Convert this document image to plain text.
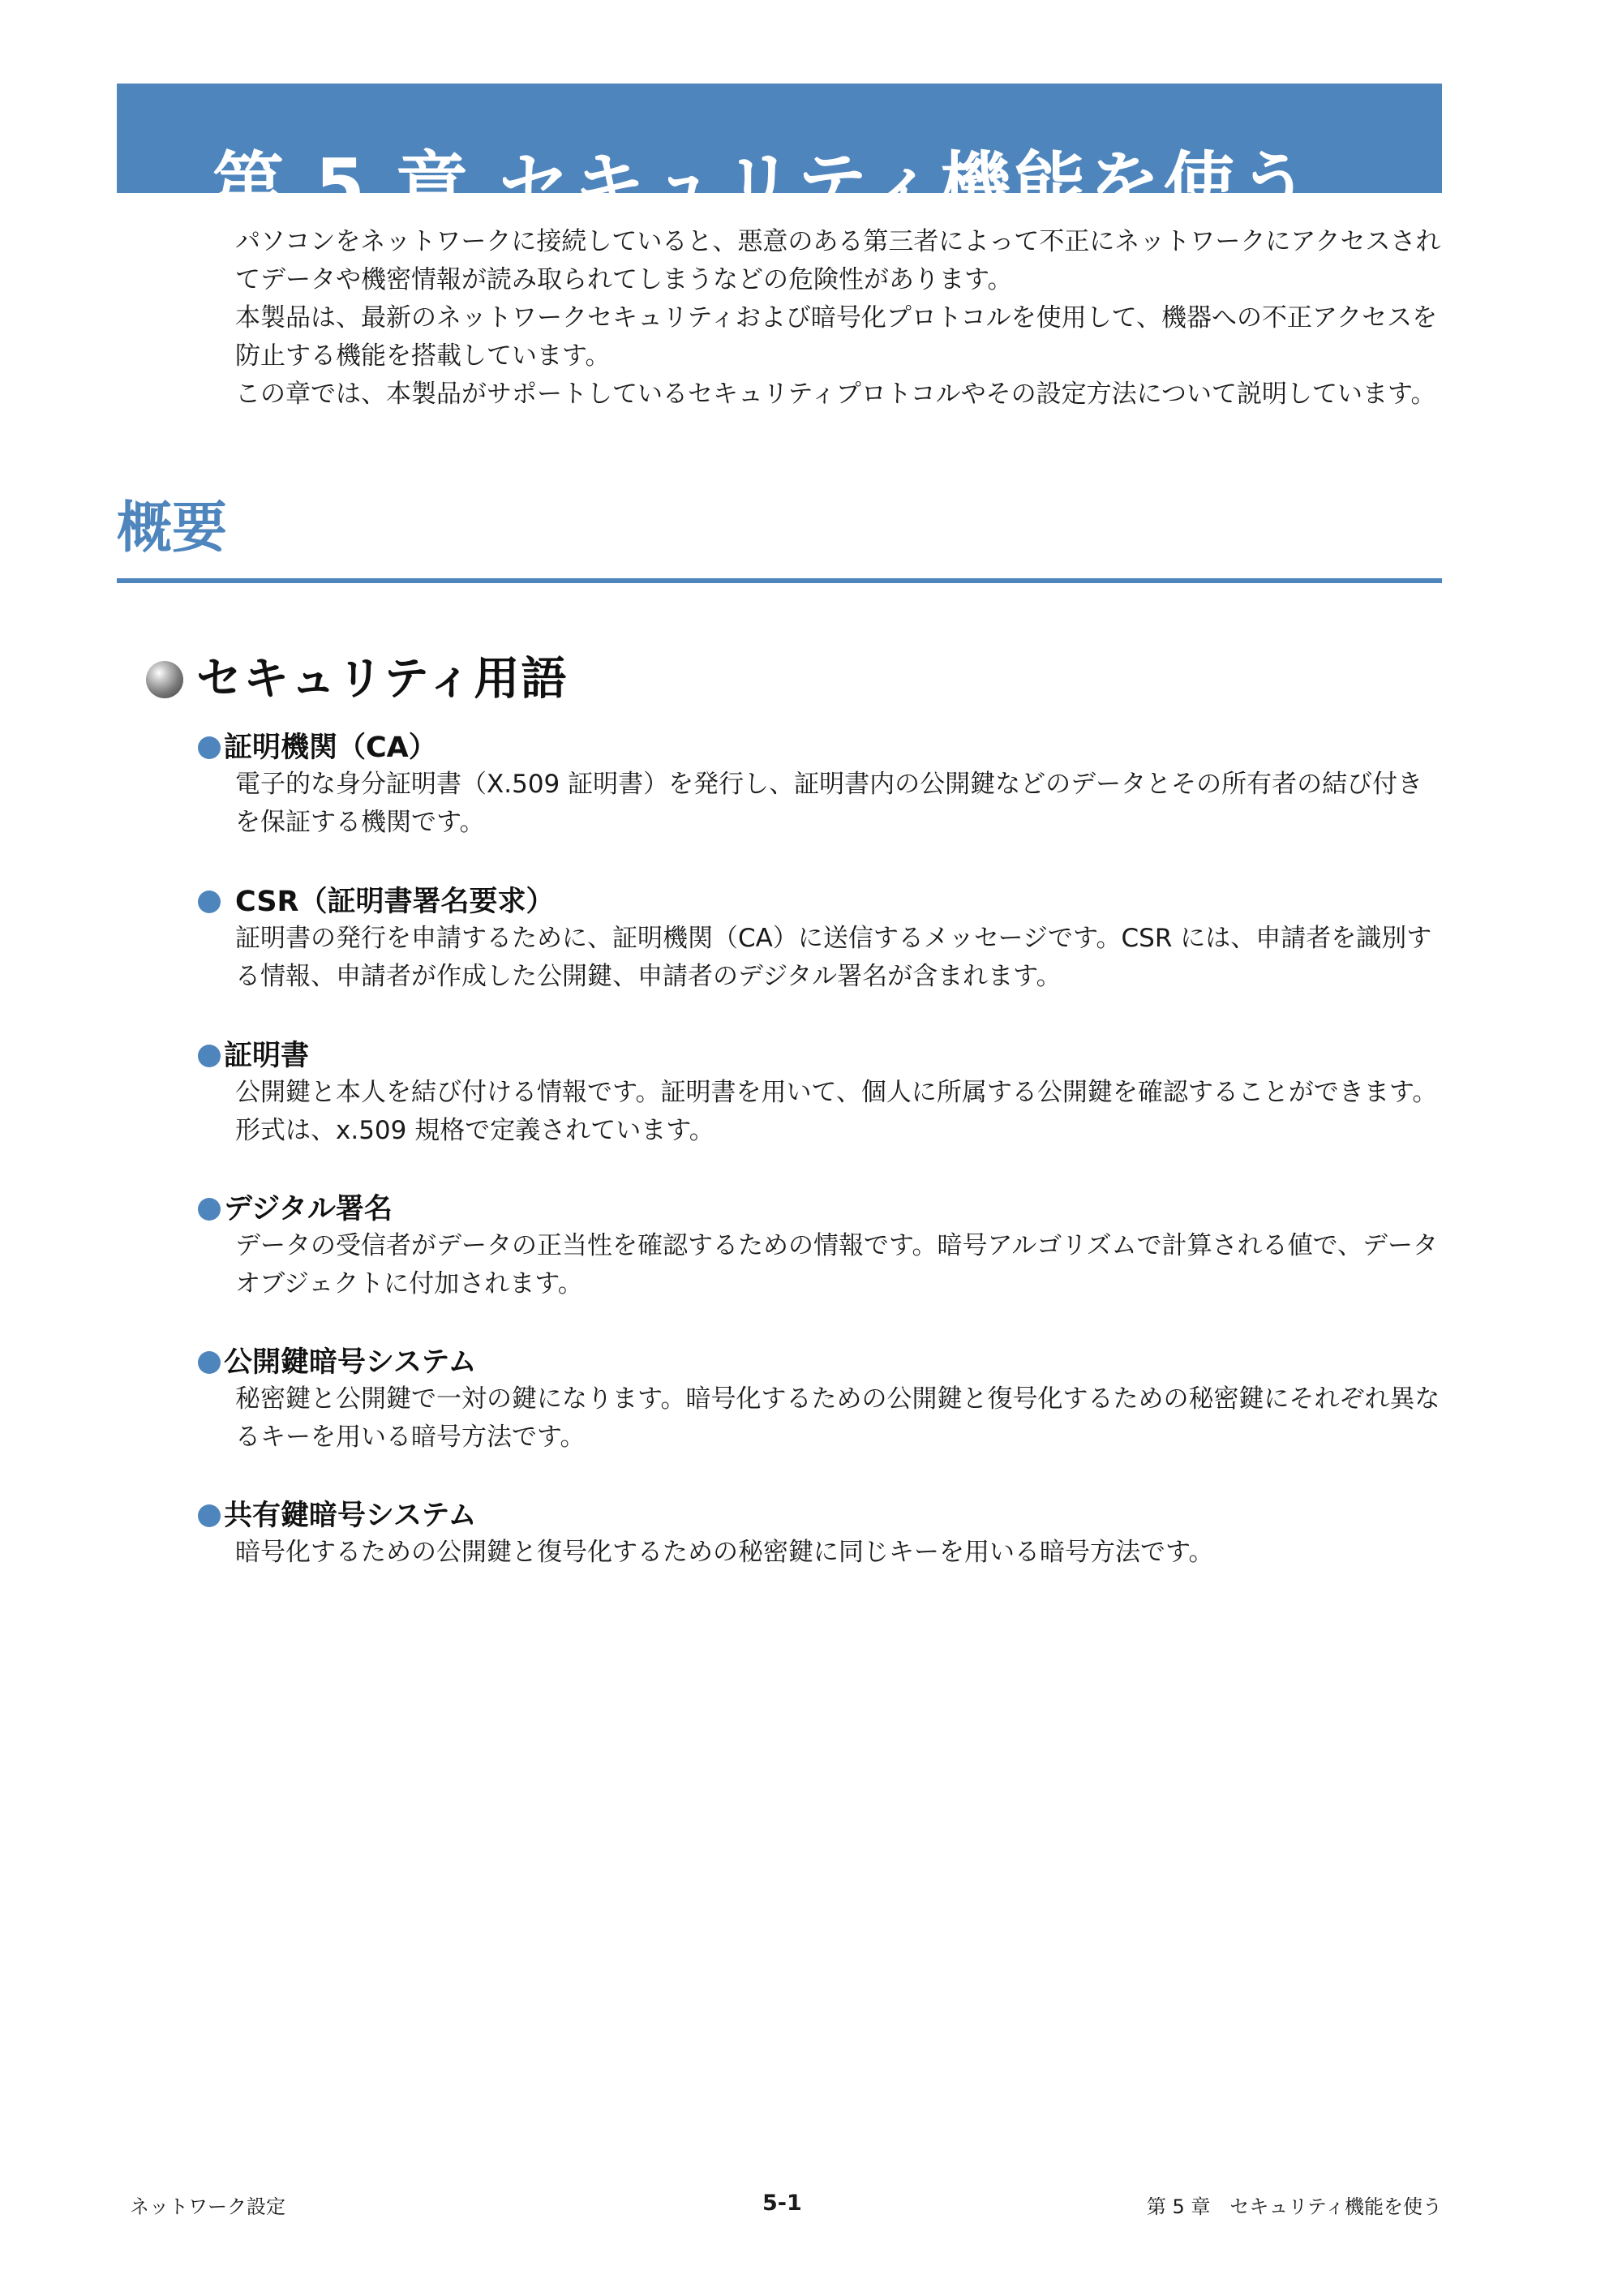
第 5 章 セキュリティ機能を使う

パソコンをネットワークに接続していると、悪意のある第三者によって不正にネットワークにアクセスされてデータや機密情報が読み取られてしまうなどの危険性があります。

本製品は、最新のネットワークセキュリティおよび暗号化プロトコルを使用して、機器への不正アクセスを防止する機能を搭載しています。

この章では、本製品がサポートしているセキュリティプロトコルやその設定方法について説明しています。

概要
セキュリティ用語
証明機関（CA）

電子的な身分証明書（X.509 証明書）を発行し、証明書内の公開鍵などのデータとその所有者の結び付きを保証する機関です。

CSR（証明書署名要求）

証明書の発行を申請するために、証明機関（CA）に送信するメッセージです。CSR には、申請者を識別する情報、申請者が作成した公開鍵、申請者のデジタル署名が含まれます。

証明書

公開鍵と本人を結び付ける情報です。証明書を用いて、個人に所属する公開鍵を確認することができます。形式は、x.509 規格で定義されています。

デジタル署名

データの受信者がデータの正当性を確認するための情報です。暗号アルゴリズムで計算される値で、データオブジェクトに付加されます。

公開鍵暗号システム

秘密鍵と公開鍵で一対の鍵になります。暗号化するための公開鍵と復号化するための秘密鍵にそれぞれ異なるキーを用いる暗号方法です。

共有鍵暗号システム

暗号化するための公開鍵と復号化するための秘密鍵に同じキーを用いる暗号方法です。

ネットワーク設定	5-1	第 5 章　セキュリティ機能を使う
